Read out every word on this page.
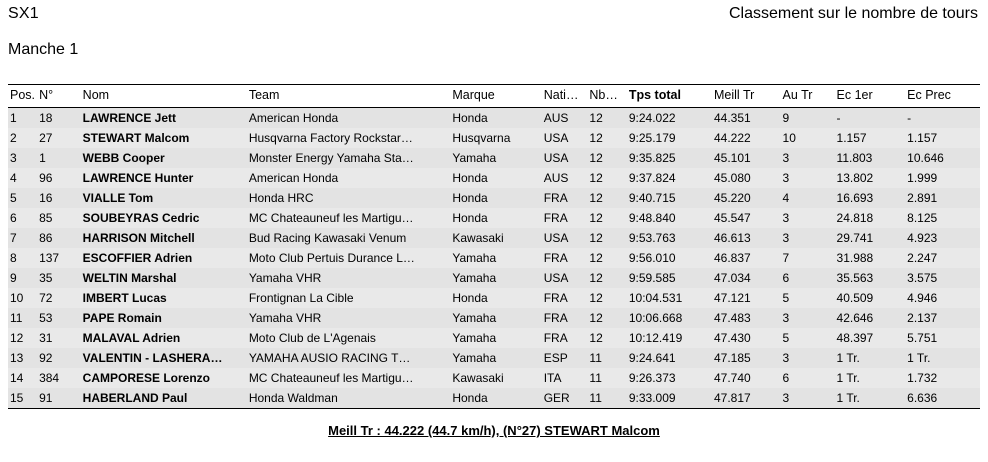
SX1	Classement sur le nombre de tours
Manche 1
Pos.	N°	Nom	Team	Marque	Nati…	Nb…	Tps total	Meill Tr	Au Tr	Ec 1er	Ec Prec
1	18	LAWRENCE Jett	American Honda	Honda	AUS	12	9:24.022	44.351	9	-	-
2	27	STEWART Malcom	Husqvarna Factory Rockstar…	Husqvarna	USA	12	9:25.179	44.222	10	1.157	1.157
3	1	WEBB Cooper	Monster Energy Yamaha Sta…	Yamaha	USA	12	9:35.825	45.101	3	11.803	10.646
4	96	LAWRENCE Hunter	American Honda	Honda	AUS	12	9:37.824	45.080	3	13.802	1.999
5	16	VIALLE Tom	Honda HRC	Honda	FRA	12	9:40.715	45.220	4	16.693	2.891
6	85	SOUBEYRAS Cedric	MC Chateauneuf les Martigu…	Honda	FRA	12	9:48.840	45.547	3	24.818	8.125
7	86	HARRISON Mitchell	Bud Racing Kawasaki Venum	Kawasaki	USA	12	9:53.763	46.613	3	29.741	4.923
8	137	ESCOFFIER Adrien	Moto Club Pertuis Durance L…	Yamaha	FRA	12	9:56.010	46.837	7	31.988	2.247
9	35	WELTIN Marshal	Yamaha VHR	Yamaha	USA	12	9:59.585	47.034	6	35.563	3.575
10	72	IMBERT Lucas	Frontignan La Cible	Honda	FRA	12	10:04.531	47.121	5	40.509	4.946
11	53	PAPE Romain	Yamaha VHR	Yamaha	FRA	12	10:06.668	47.483	3	42.646	2.137
12	31	MALAVAL Adrien	Moto Club de L'Agenais	Yamaha	FRA	12	10:12.419	47.430	5	48.397	5.751
13	92	VALENTIN - LASHERA…	YAMAHA AUSIO RACING T…	Yamaha	ESP	11	9:24.641	47.185	3	1 Tr.	1 Tr.
14	384	CAMPORESE Lorenzo	MC Chateauneuf les Martigu…	Kawasaki	ITA	11	9:26.373	47.740	6	1 Tr.	1.732
15	91	HABERLAND Paul	Honda Waldman	Honda	GER	11	9:33.009	47.817	3	1 Tr.	6.636
Meill Tr : 44.222 (44.7 km/h), (N°27) STEWART Malcom
